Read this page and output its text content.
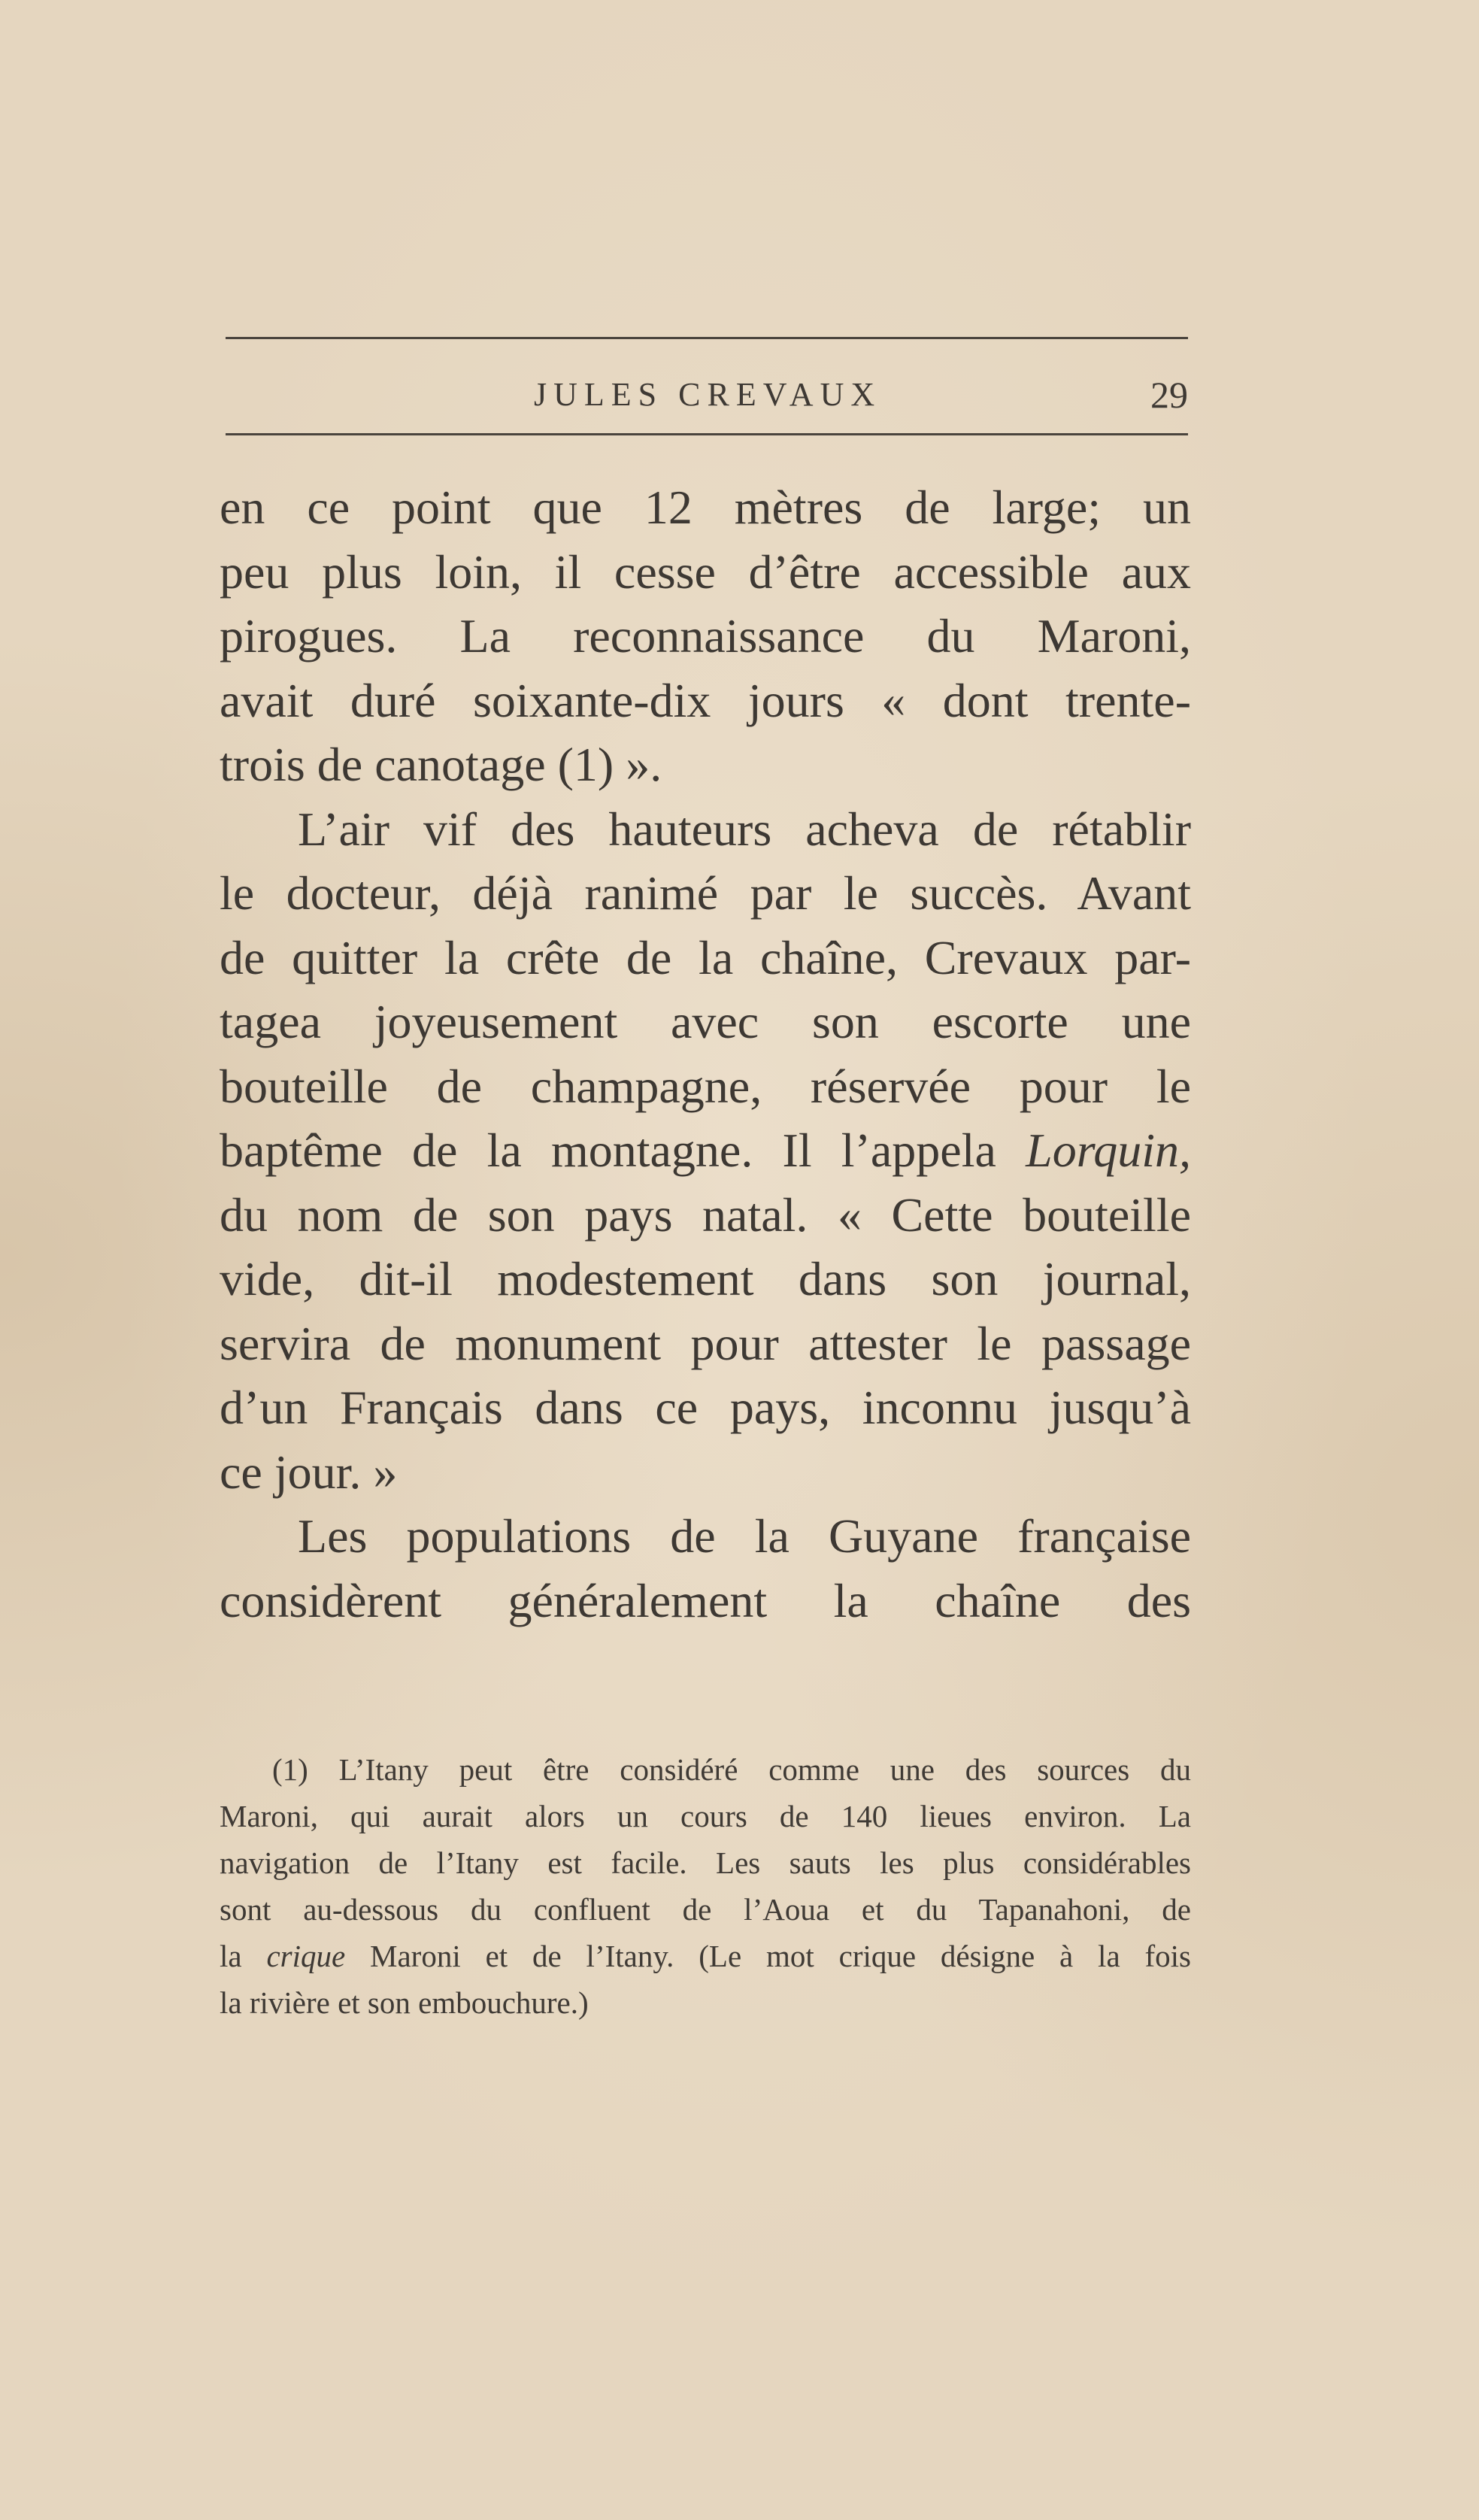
JULES CREVAUX	29
en ce point que 12 mètres de large; un
peu plus loin, il cesse d’être accessible aux
pirogues. La reconnaissance du Maroni,
avait duré soixante-dix jours « dont trente-
trois de canotage (1) ».
L’air vif des hauteurs acheva de rétablir
le docteur, déjà ranimé par le succès. Avant
de quitter la crête de la chaîne, Crevaux par-
tagea joyeusement avec son escorte une
bouteille de champagne, réservée pour le
baptême de la montagne. Il l’appela Lorquin,
du nom de son pays natal. « Cette bouteille
vide, dit-il modestement dans son journal,
servira de monument pour attester le passage
d’un Français dans ce pays, inconnu jusqu’à
ce jour. »
Les populations de la Guyane française
considèrent généralement la chaîne des
(1) L’Itany peut être considéré comme une des sources du
Maroni, qui aurait alors un cours de 140 lieues environ. La
navigation de l’Itany est facile. Les sauts les plus considérables
sont au-dessous du confluent de l’Aoua et du Tapanahoni, de
la crique Maroni et de l’Itany. (Le mot crique désigne à la fois
la rivière et son embouchure.)
